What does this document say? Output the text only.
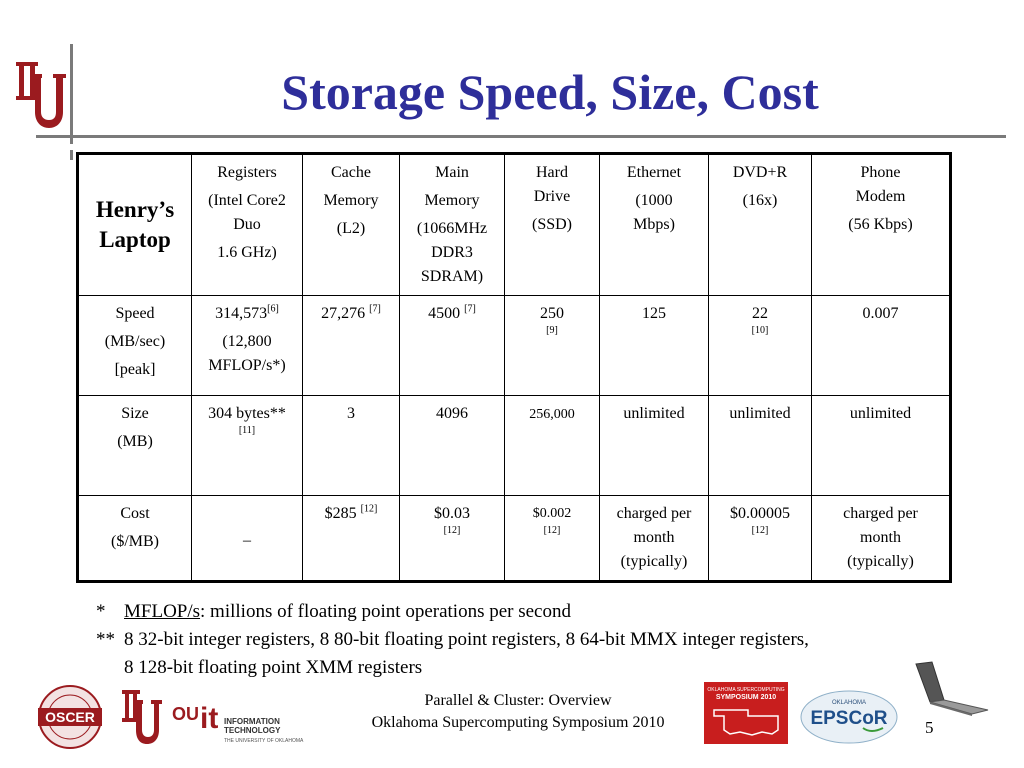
Storage Speed, Size, Cost
Henry’s
Laptop	Registers
(Intel Core2 Duo
1.6 GHz)	Cache
Memory
(L2)	Main
Memory
(1066MHz DDR3 SDRAM)	Hard Drive
(SSD)	Ethernet
(1000 Mbps)	DVD+R
(16x)	Phone Modem
(56 Kbps)

Speed
(MB/sec)
[peak]	314,573[6]
(12,800
MFLOP/s*)	27,276 [7]	4500 [7]	250
[9]	125	22
[10]	0.007

Size
(MB)	304 bytes**
[11]	3	4096	256,000	unlimited	unlimited	unlimited

Cost
($/MB)	–	$285 [12]	$0.03
[12]	$0.002
[12]	charged per month (typically)	$0.00005
[12]	charged per month (typically)
* MFLOP/s: millions of floating point operations per second
** 8 32-bit integer registers, 8 80-bit floating point registers, 8 64-bit MMX integer registers,
8 128-bit floating point XMM registers
OSCER	OU it INFORMATION
TECHNOLOGY
THE UNIVERSITY OF OKLAHOMA
Parallel & Cluster: Overview
Oklahoma Supercomputing Symposium 2010
OKLAHOMA SUPERCOMPUTING
SYMPOSIUM 2010
OKLAHOMA
EPSCoR 5
